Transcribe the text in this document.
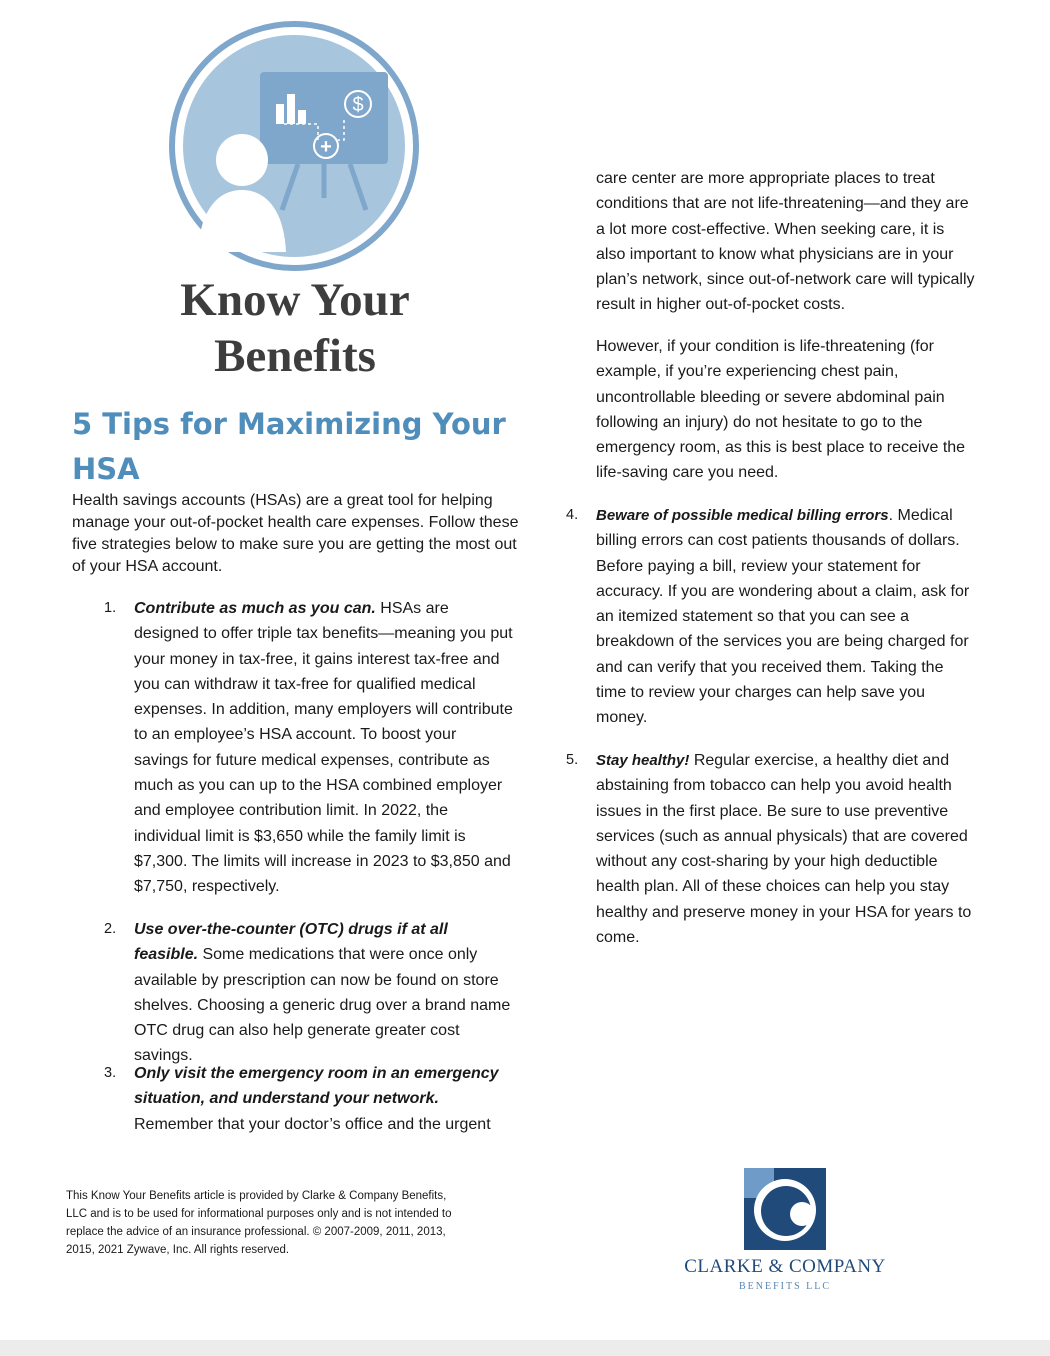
$
+
Know Your
Benefits
5 Tips for Maximizing Your
HSA

Health savings accounts (HSAs) are a great tool for helping manage your out-of-pocket health care expenses. Follow these five strategies below to make sure you are getting the most out of your HSA account.

1. Contribute as much as you can. HSAs are designed to offer triple tax benefits—meaning you put your money in tax-free, it gains interest tax-free and you can withdraw it tax-free for qualified medical expenses. In addition, many employers will contribute to an employee’s HSA account. To boost your savings for future medical expenses, contribute as much as you can up to the HSA combined employer and employee contribution limit. In 2022, the individual limit is $3,650 while the family limit is $7,300. The limits will increase in 2023 to $3,850 and $7,750, respectively.

2. Use over-the-counter (OTC) drugs if at all feasible. Some medications that were once only available by prescription can now be found on store shelves. Choosing a generic drug over a brand name OTC drug can also help generate greater cost savings.

3. Only visit the emergency room in an emergency situation, and understand your network. Remember that your doctor’s office and the urgent

care center are more appropriate places to treat conditions that are not life-threatening—and they are a lot more cost-effective. When seeking care, it is also important to know what physicians are in your plan’s network, since out-of-network care will typically result in higher out-of-pocket costs.

However, if your condition is life-threatening (for example, if you’re experiencing chest pain, uncontrollable bleeding or severe abdominal pain following an injury) do not hesitate to go to the emergency room, as this is best place to receive the life-saving care you need.

4. Beware of possible medical billing errors. Medical billing errors can cost patients thousands of dollars. Before paying a bill, review your statement for accuracy. If you are wondering about a claim, ask for an itemized statement so that you can see a breakdown of the services you are being charged for and can verify that you received them. Taking the time to review your charges can help save you money.

5. Stay healthy! Regular exercise, a healthy diet and abstaining from tobacco can help you avoid health issues in the first place. Be sure to use preventive services (such as annual physicals) that are covered without any cost-sharing by your high deductible health plan. All of these choices can help you stay healthy and preserve money in your HSA for years to come.

This Know Your Benefits article is provided by Clarke & Company Benefits, LLC and is to be used for informational purposes only and is not intended to replace the advice of an insurance professional. © 2007-2009, 2011, 2013, 2015, 2021 Zywave, Inc. All rights reserved.

CLARKE & COMPANY
BENEFITS LLC
